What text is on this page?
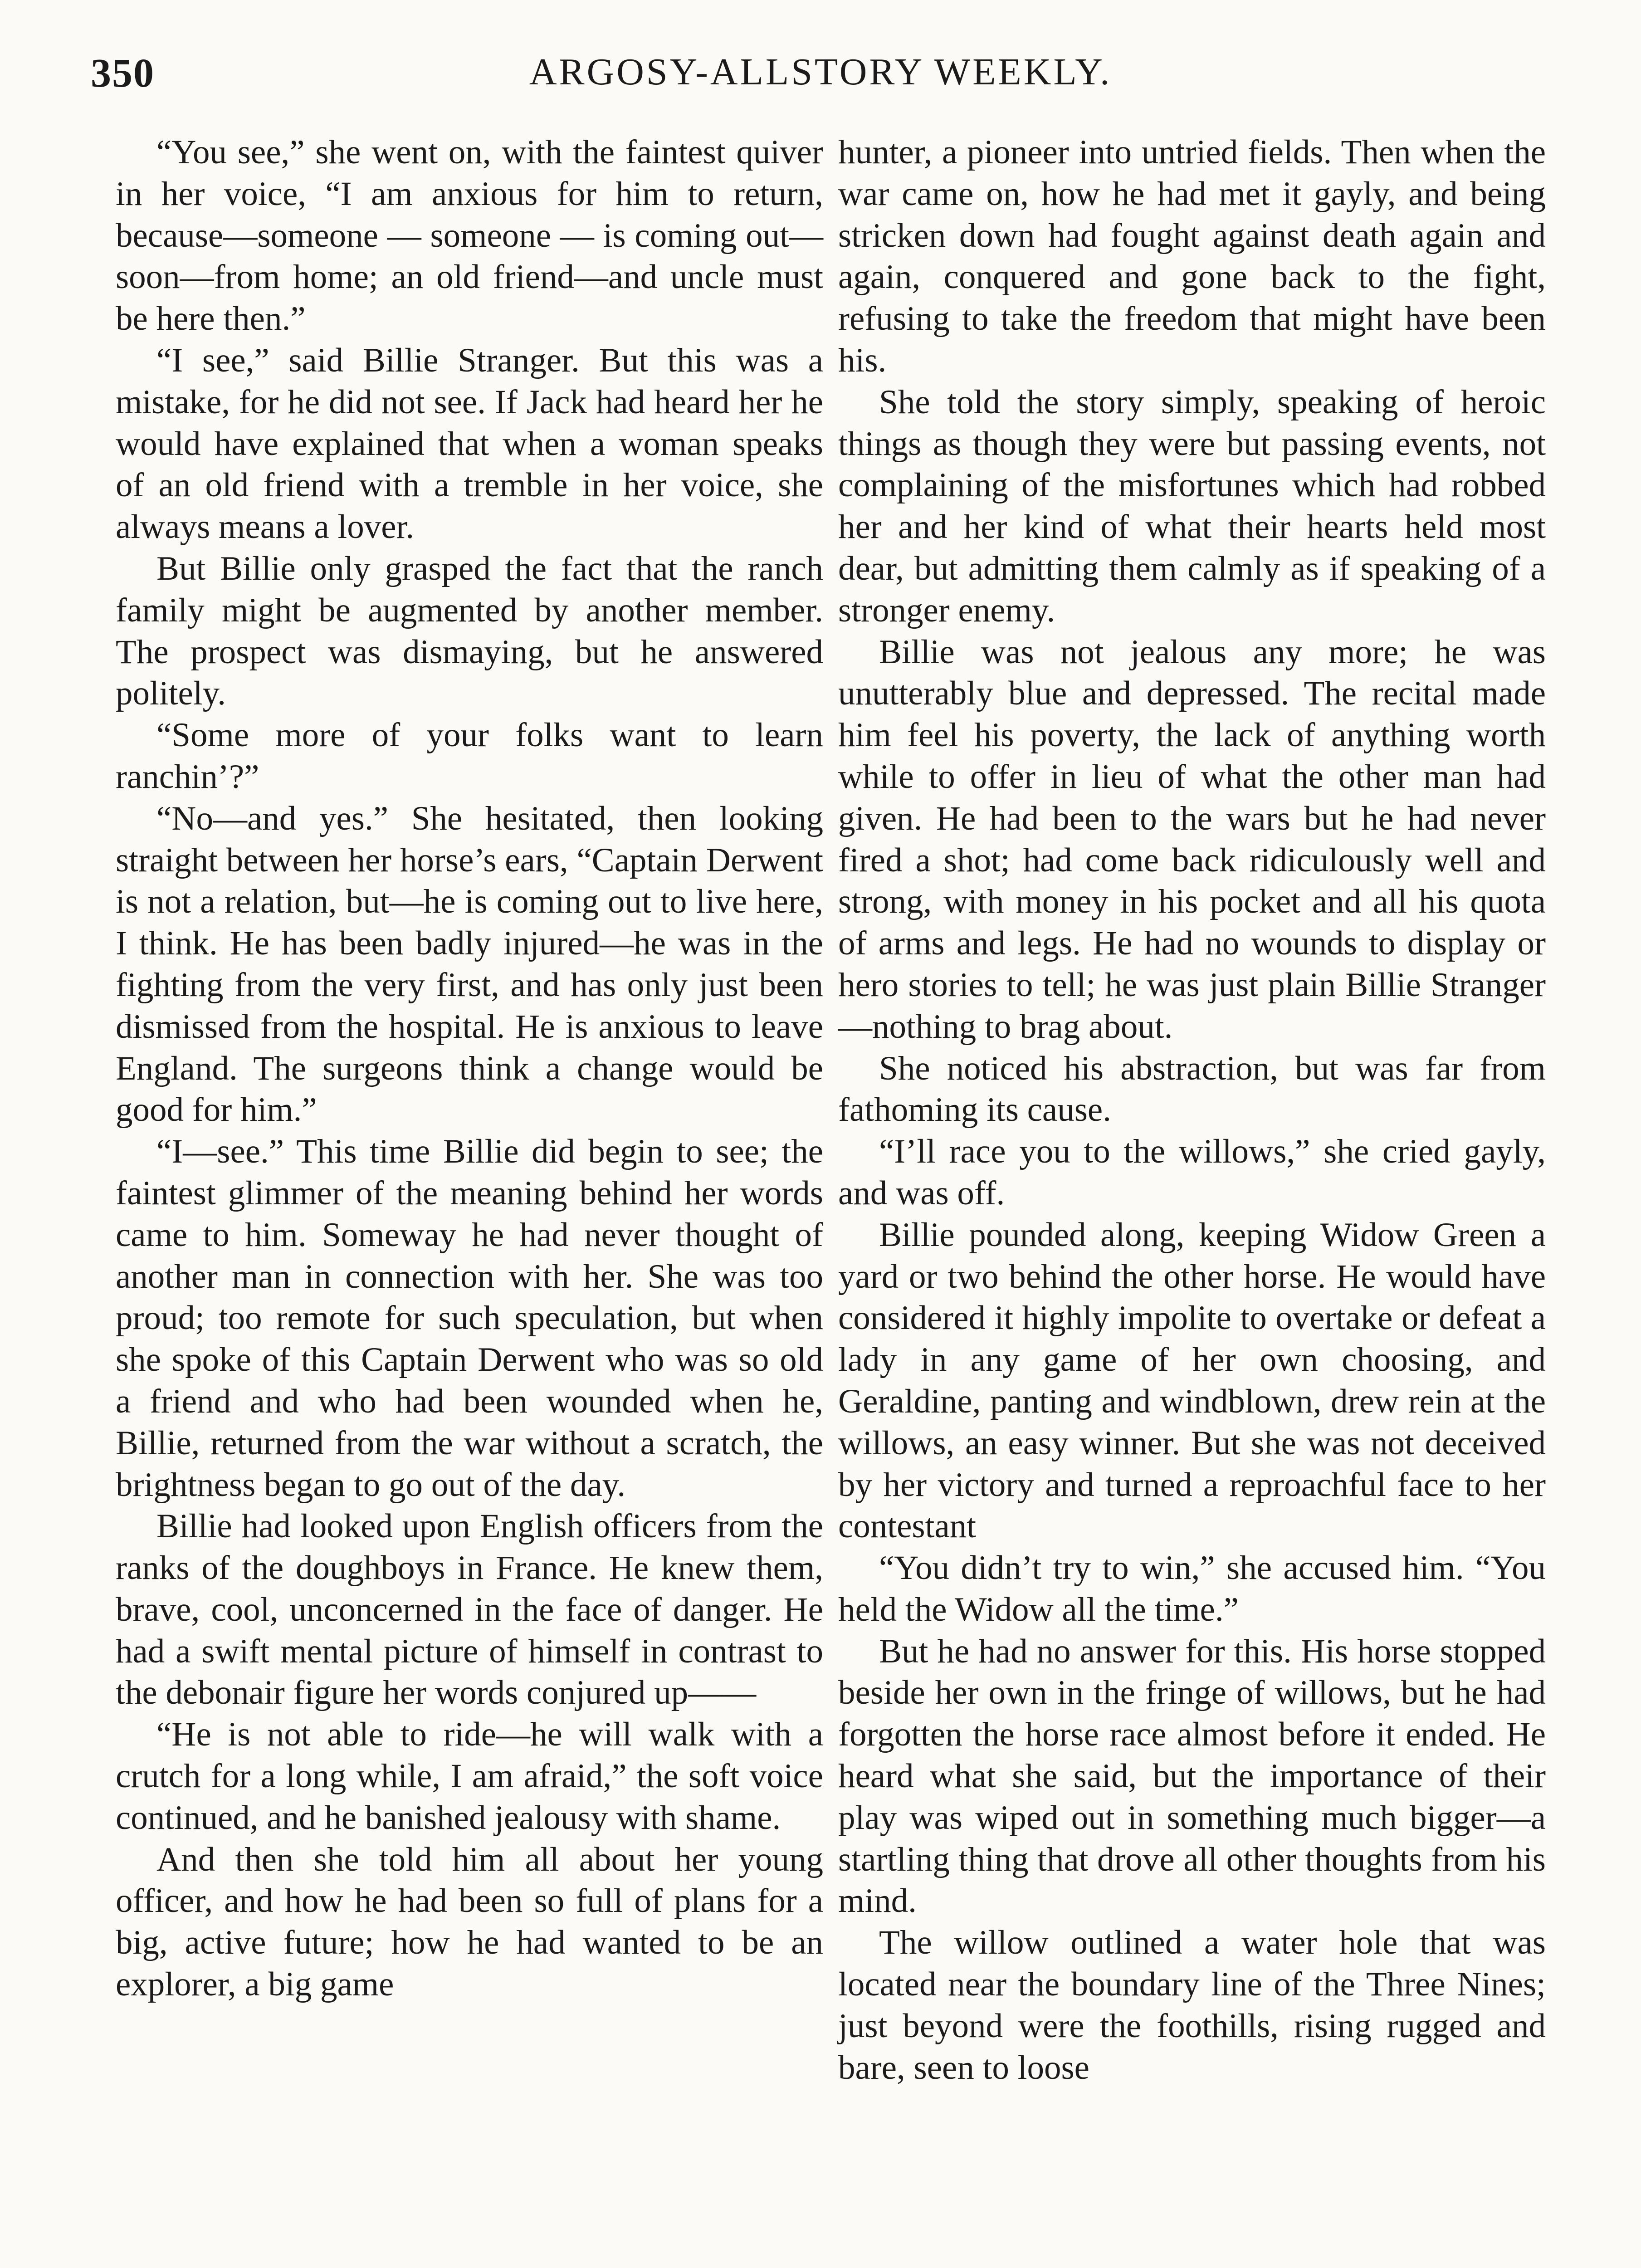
350	ARGOSY-ALLSTORY WEEKLY.

“You see,” she went on, with the faintest quiver in her voice, “I am anxious for him to return, because—someone — someone — is coming out—soon—from home; an old friend—and uncle must be here then.”

“I see,” said Billie Stranger. But this was a mistake, for he did not see. If Jack had heard her he would have explained that when a woman speaks of an old friend with a tremble in her voice, she always means a lover.

But Billie only grasped the fact that the ranch family might be augmented by another member. The prospect was dismaying, but he answered politely.

“Some more of your folks want to learn ranchin’?”

“No—and yes.” She hesitated, then looking straight between her horse’s ears, “Captain Derwent is not a relation, but—he is coming out to live here, I think. He has been badly injured—he was in the fighting from the very first, and has only just been dismissed from the hospital. He is anxious to leave England. The surgeons think a change would be good for him.”

“I—see.” This time Billie did begin to see; the faintest glimmer of the meaning behind her words came to him. Someway he had never thought of another man in connection with her. She was too proud; too remote for such speculation, but when she spoke of this Captain Derwent who was so old a friend and who had been wounded when he, Billie, returned from the war without a scratch, the brightness began to go out of the day.

Billie had looked upon English officers from the ranks of the doughboys in France. He knew them, brave, cool, unconcerned in the face of danger. He had a swift mental picture of himself in contrast to the debonair figure her words conjured up——

“He is not able to ride—he will walk with a crutch for a long while, I am afraid,” the soft voice continued, and he banished jealousy with shame.

And then she told him all about her young officer, and how he had been so full of plans for a big, active future; how he had wanted to be an explorer, a big game

hunter, a pioneer into untried fields. Then when the war came on, how he had met it gayly, and being stricken down had fought against death again and again, conquered and gone back to the fight, refusing to take the freedom that might have been his.

She told the story simply, speaking of heroic things as though they were but passing events, not complaining of the misfortunes which had robbed her and her kind of what their hearts held most dear, but admitting them calmly as if speaking of a stronger enemy.

Billie was not jealous any more; he was unutterably blue and depressed. The recital made him feel his poverty, the lack of anything worth while to offer in lieu of what the other man had given. He had been to the wars but he had never fired a shot; had come back ridiculously well and strong, with money in his pocket and all his quota of arms and legs. He had no wounds to display or hero stories to tell; he was just plain Billie Stranger—nothing to brag about.

She noticed his abstraction, but was far from fathoming its cause.

“I’ll race you to the willows,” she cried gayly, and was off.

Billie pounded along, keeping Widow Green a yard or two behind the other horse. He would have considered it highly impolite to overtake or defeat a lady in any game of her own choosing, and Geraldine, panting and windblown, drew rein at the willows, an easy winner. But she was not deceived by her victory and turned a reproachful face to her contestant

“You didn’t try to win,” she accused him. “You held the Widow all the time.”

But he had no answer for this. His horse stopped beside her own in the fringe of willows, but he had forgotten the horse race almost before it ended. He heard what she said, but the importance of their play was wiped out in something much bigger—a startling thing that drove all other thoughts from his mind.

The willow outlined a water hole that was located near the boundary line of the Three Nines; just beyond were the foothills, rising rugged and bare, seen to loose
